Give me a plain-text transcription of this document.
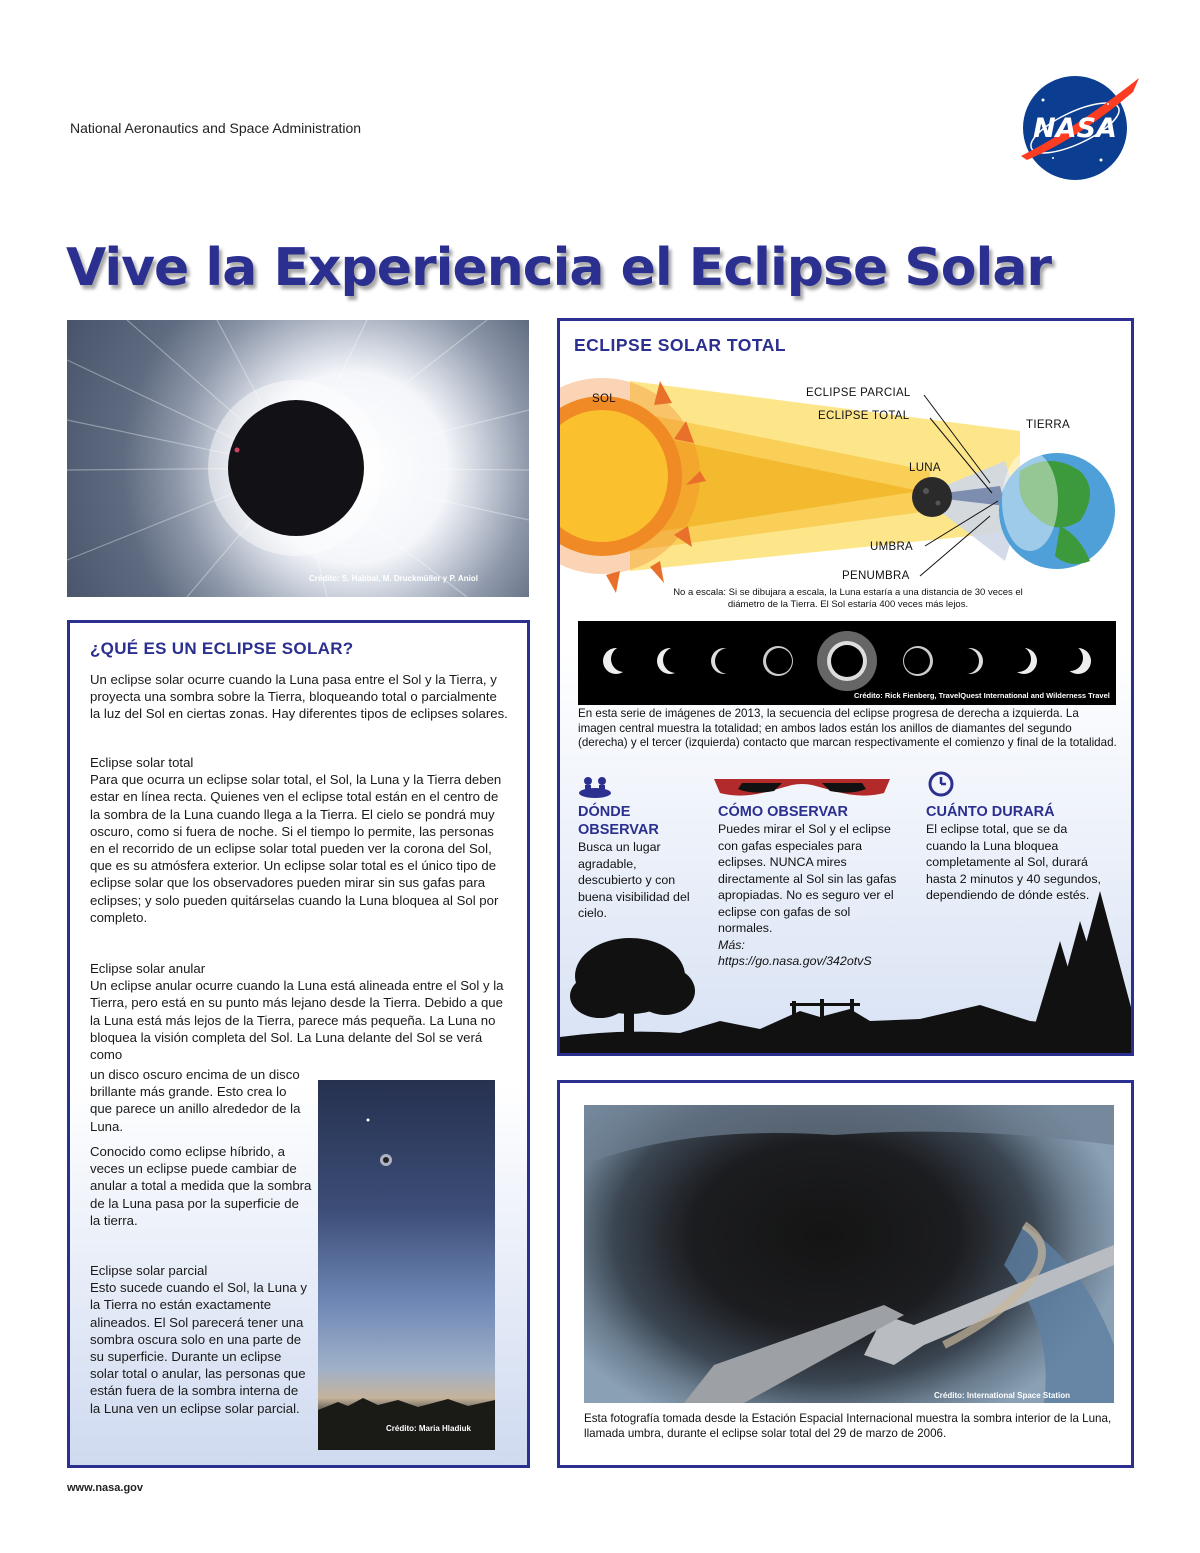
National Aeronautics and Space Administration	NASA
Vive la Experiencia el Eclipse Solar
Crédito: S. Habbal, M. Druckmüller y P. Aniol
¿QUÉ ES UN ECLIPSE SOLAR?
Un eclipse solar ocurre cuando la Luna pasa entre el Sol y la Tierra, y proyecta una sombra sobre la Tierra, bloqueando total o parcialmente la luz del Sol en ciertas zonas. Hay diferentes tipos de eclipses solares.
Eclipse solar total
Para que ocurra un eclipse solar total, el Sol, la Luna y la Tierra deben estar en línea recta. Quienes ven el eclipse total están en el centro de la sombra de la Luna cuando llega a la Tierra. El cielo se pondrá muy oscuro, como si fuera de noche. Si el tiempo lo permite, las personas en el recorrido de un eclipse solar total pueden ver la corona del Sol, que es su atmósfera exterior. Un eclipse solar total es el único tipo de eclipse solar que los observadores pueden mirar sin sus gafas para eclipses; y solo pueden quitárselas cuando la Luna bloquea al Sol por completo.
Eclipse solar anular
Un eclipse anular ocurre cuando la Luna está alineada entre el Sol y la Tierra, pero está en su punto más lejano desde la Tierra. Debido a que la Luna está más lejos de la Tierra, parece más pequeña. La Luna no bloquea la visión completa del Sol. La Luna delante del Sol se verá como
un disco oscuro encima de un disco brillante más grande. Esto crea lo que parece un anillo alrededor de la Luna.
Conocido como eclipse híbrido, a veces un eclipse puede cambiar de anular a total a medida que la sombra de la Luna pasa por la superficie de la tierra.
Eclipse solar parcial
Esto sucede cuando el Sol, la Luna y la Tierra no están exactamente alineados. El Sol parecerá tener una sombra oscura solo en una parte de su superficie. Durante un eclipse solar total o anular, las personas que están fuera de la sombra interna de la Luna ven un eclipse solar parcial.
Crédito: Maria Hladiuk
ECLIPSE SOLAR TOTAL
SOL	ECLIPSE PARCIAL
ECLIPSE TOTAL
TIERRA
LUNA
UMBRA
PENUMBRA
No a escala: Si se dibujara a escala, la Luna estaría a una distancia de 30 veces el diámetro de la Tierra. El Sol estaría 400 veces más lejos.
Crédito: Rick Fienberg, TravelQuest International and Wilderness Travel
En esta serie de imágenes de 2013, la secuencia del eclipse progresa de derecha a izquierda. La imagen central muestra la totalidad; en ambos lados están los anillos de diamantes del segundo (derecha) y el tercer (izquierda) contacto que marcan respectivamente el comienzo y final de la totalidad.
DÓNDE OBSERVAR
Busca un lugar agradable, descubierto y con buena visibilidad del cielo.
CÓMO OBSERVAR
Puedes mirar el Sol y el eclipse con gafas especiales para eclipses. NUNCA mires directamente al Sol sin las gafas apropiadas. No es seguro ver el eclipse con gafas de sol normales.
Más: https://go.nasa.gov/342otvS
CUÁNTO DURARÁ
El eclipse total, que se da cuando la Luna bloquea completamente al Sol, durará hasta 2 minutos y 40 segundos, dependiendo de dónde estés.
Crédito: International Space Station
Esta fotografía tomada desde la Estación Espacial Internacional muestra la sombra interior de la Luna, llamada umbra, durante el eclipse solar total del 29 de marzo de 2006.
www.nasa.gov
